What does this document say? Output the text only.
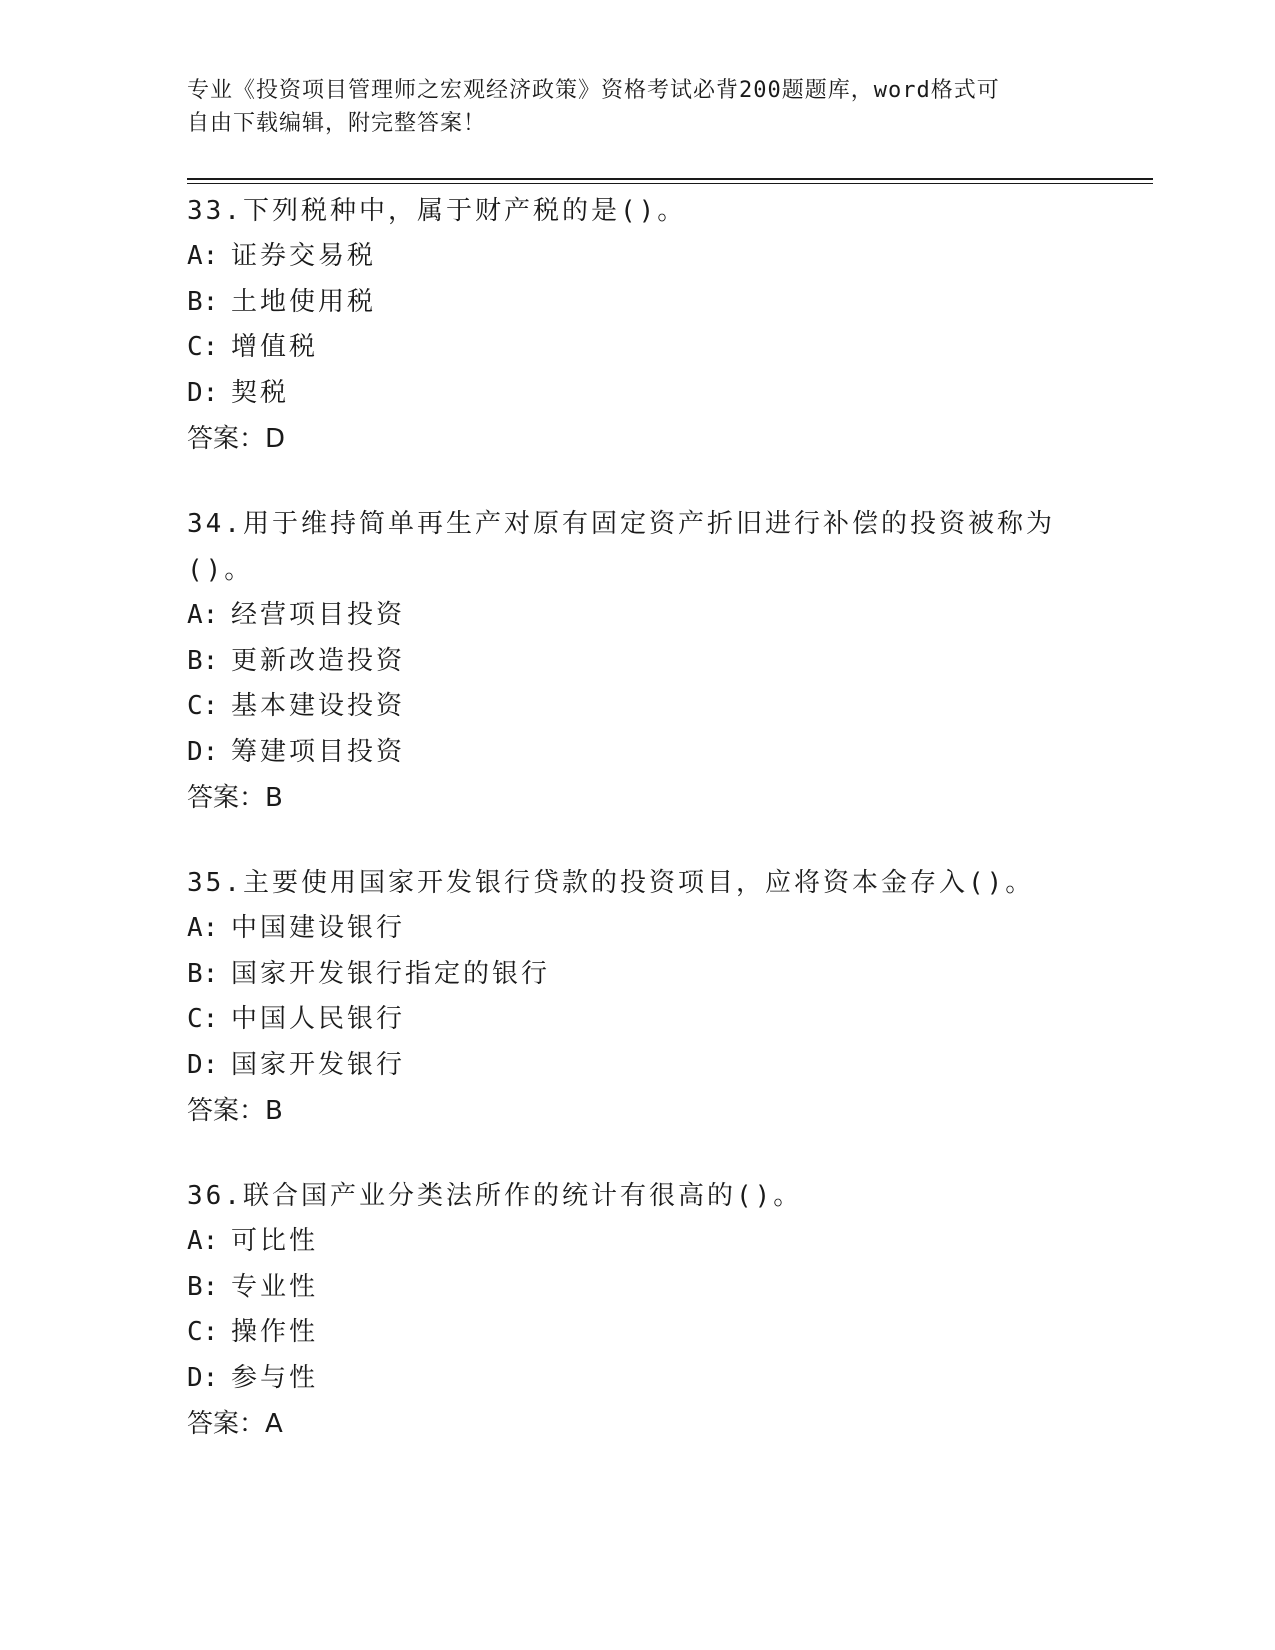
专业《投资项目管理师之宏观经济政策》资格考试必背200题题库，word格式可
自由下载编辑，附完整答案！

33.下列税种中，属于财产税的是()。

A: 证券交易税

B: 土地使用税

C: 增值税

D: 契税

答案：D

34.用于维持简单再生产对原有固定资产折旧进行补偿的投资被称为()。

A: 经营项目投资

B: 更新改造投资

C: 基本建设投资

D: 筹建项目投资

答案：B

35.主要使用国家开发银行贷款的投资项目，应将资本金存入()。

A: 中国建设银行

B: 国家开发银行指定的银行

C: 中国人民银行

D: 国家开发银行

答案：B

36.联合国产业分类法所作的统计有很高的()。

A: 可比性

B: 专业性

C: 操作性

D: 参与性

答案：A
